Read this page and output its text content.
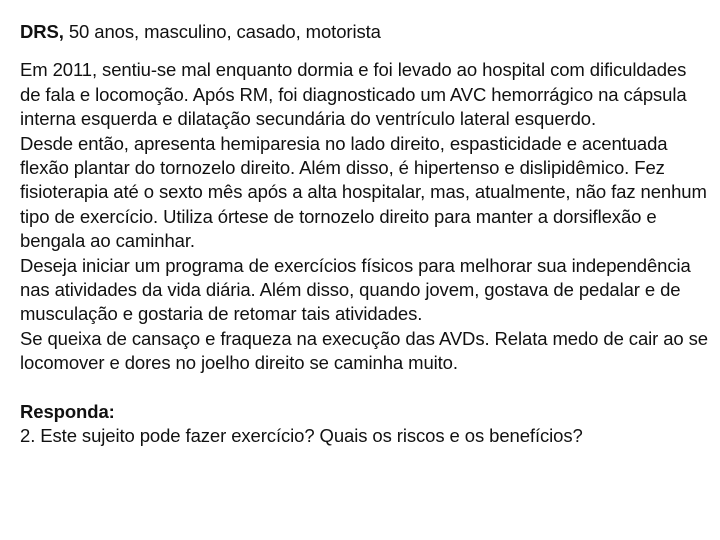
DRS, 50 anos, masculino, casado, motorista

Em 2011, sentiu-se mal enquanto dormia e foi levado ao hospital com dificuldades de fala e locomoção. Após RM, foi diagnosticado um AVC hemorrágico na cápsula interna esquerda e dilatação secundária do ventrículo lateral esquerdo.

Desde então, apresenta hemiparesia no lado direito, espasticidade e acentuada flexão plantar do tornozelo direito. Além disso, é hipertenso e dislipidêmico. Fez fisioterapia até o sexto mês após a alta hospitalar, mas, atualmente, não faz nenhum tipo de exercício. Utiliza órtese de tornozelo direito para manter a dorsiflexão e bengala ao caminhar.

Deseja iniciar um programa de exercícios físicos para melhorar sua independência nas atividades da vida diária. Além disso, quando jovem, gostava de pedalar e de musculação e gostaria de retomar tais atividades.

Se queixa de cansaço e fraqueza na execução das AVDs. Relata medo de cair ao se locomover e dores no joelho direito se caminha muito.

Responda:

2. Este sujeito pode fazer exercício? Quais os riscos e os benefícios?
